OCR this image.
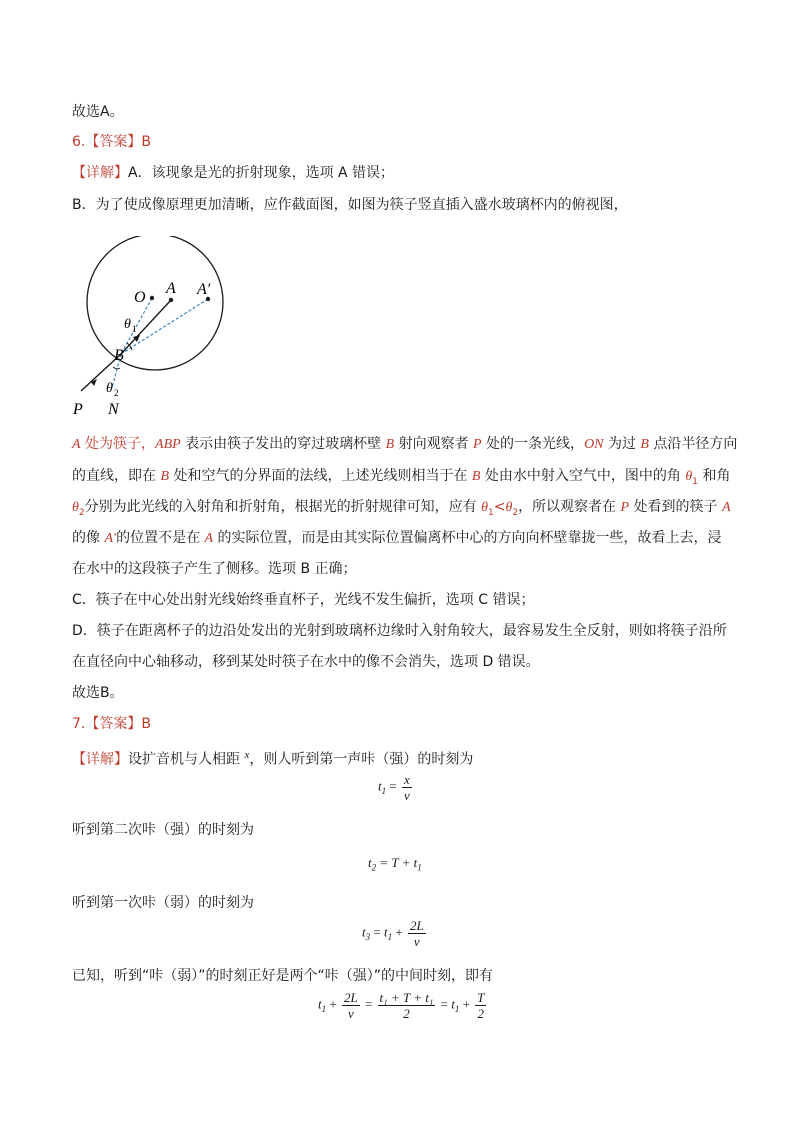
故选A。
6.【答案】B
【详解】A．该现象是光的折射现象，选项 A 错误；
B．为了使成像原理更加清晰，应作截面图，如图为筷子竖直插入盛水玻璃杯内的俯视图，
O
A A′
θ 1
B
θ 2
P N
A 处为筷子，ABP 表示由筷子发出的穿过玻璃杯壁 B 射向观察者 P 处的一条光线，ON 为过 B 点沿半径方向
的直线，即在 B 处和空气的分界面的法线，上述光线则相当于在 B 处由水中射入空气中，图中的角 $\theta_1$ 和角
$\theta_2$分别为此光线的入射角和折射角，根据光的折射规律可知，应有 $\theta_1<\theta_2$，所以观察者在 P 处看到的筷子 A
的像 A′的位置不是在 A 的实际位置，而是由其实际位置偏离杯中心的方向向杯壁靠拢一些，故看上去，浸
在水中的这段筷子产生了侧移。选项 B 正确；
C．筷子在中心处出射光线始终垂直杯子，光线不发生偏折，选项 C 错误；
D．筷子在距离杯子的边沿处发出的光射到玻璃杯边缘时入射角较大，最容易发生全反射，则如将筷子沿所
在直径向中心轴移动，移到某处时筷子在水中的像不会消失，选项 D 错误。
故选B。
7.【答案】B
【详解】设扩音机与人相距 $^x$，则人听到第一声咔（强）的时刻为
$t_1 = \frac{x}{v}$
听到第二次咔（强）的时刻为
$t_2 = T + t_1$
听到第一次咔（弱）的时刻为
$t_3 = t_1 + \frac{2L}{v}$
已知，听到“咔（弱）”的时刻正好是两个“咔（强）”的中间时刻，即有
$t_1 + \frac{2L}{v} = \frac{\text{t₁ + T + t₁}}{2} = t_1 + \frac{T}{2}$
